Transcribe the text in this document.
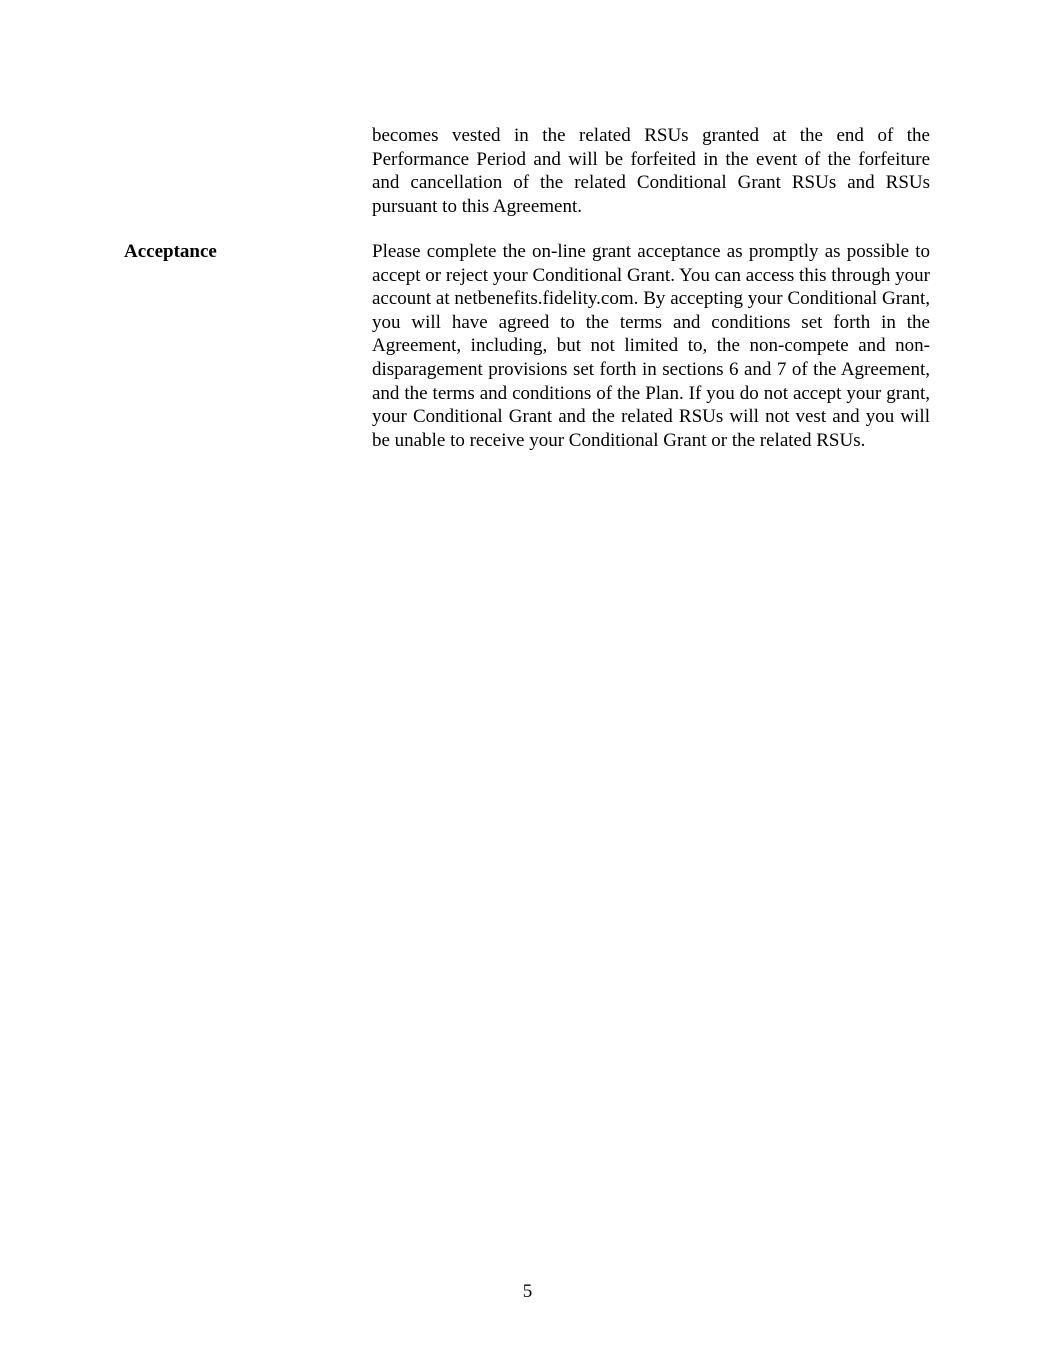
becomes vested in the related RSUs granted at the end of the Performance Period and will be forfeited in the event of the forfeiture and cancellation of the related Conditional Grant RSUs and RSUs pursuant to this Agreement.

Acceptance	Please complete the on-line grant acceptance as promptly as possible to accept or reject your Conditional Grant. You can access this through your account at netbenefits.fidelity.com. By accepting your Conditional Grant, you will have agreed to the terms and conditions set forth in the Agreement, including, but not limited to, the non-compete and non-disparagement provisions set forth in sections 6 and 7 of the Agreement, and the terms and conditions of the Plan. If you do not accept your grant, your Conditional Grant and the related RSUs will not vest and you will be unable to receive your Conditional Grant or the related RSUs.

5
